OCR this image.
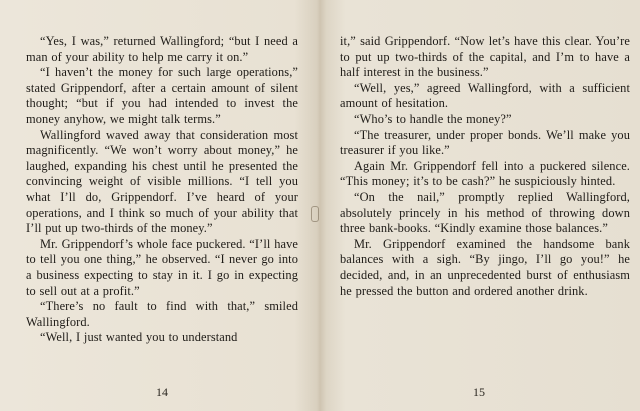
“Yes, I was,” returned Wallingford; “but I need a man of your ability to help me carry it on.”

“I haven’t the money for such large operations,” stated Grippendorf, after a certain amount of silent thought; “but if you had intended to invest the money anyhow, we might talk terms.”

Wallingford waved away that consideration most magnificently. “We won’t worry about money,” he laughed, expanding his chest until he presented the convincing weight of visible millions. “I tell you what I’ll do, Grippendorf. I’ve heard of your operations, and I think so much of your ability that I’ll put up two-thirds of the money.”

Mr. Grippendorf’s whole face puckered. “I’ll have to tell you one thing,” he observed. “I never go into a business expecting to stay in it. I go in expecting to sell out at a profit.”

“There’s no fault to find with that,” smiled Wallingford.

“Well, I just wanted you to understand

14

it,” said Grippendorf. “Now let’s have this clear. You’re to put up two-thirds of the capital, and I’m to have a half interest in the business.”

“Well, yes,” agreed Wallingford, with a sufficient amount of hesitation.

“Who’s to handle the money?”

“The treasurer, under proper bonds. We’ll make you treasurer if you like.”

Again Mr. Grippendorf fell into a puckered silence. “This money; it’s to be cash?” he suspiciously hinted.

“On the nail,” promptly replied Wallingford, absolutely princely in his method of throwing down three bank-books. “Kindly examine those balances.”

Mr. Grippendorf examined the handsome bank balances with a sigh. “By jingo, I’ll go you!” he decided, and, in an unprecedented burst of enthusiasm he pressed the button and ordered another drink.

15
